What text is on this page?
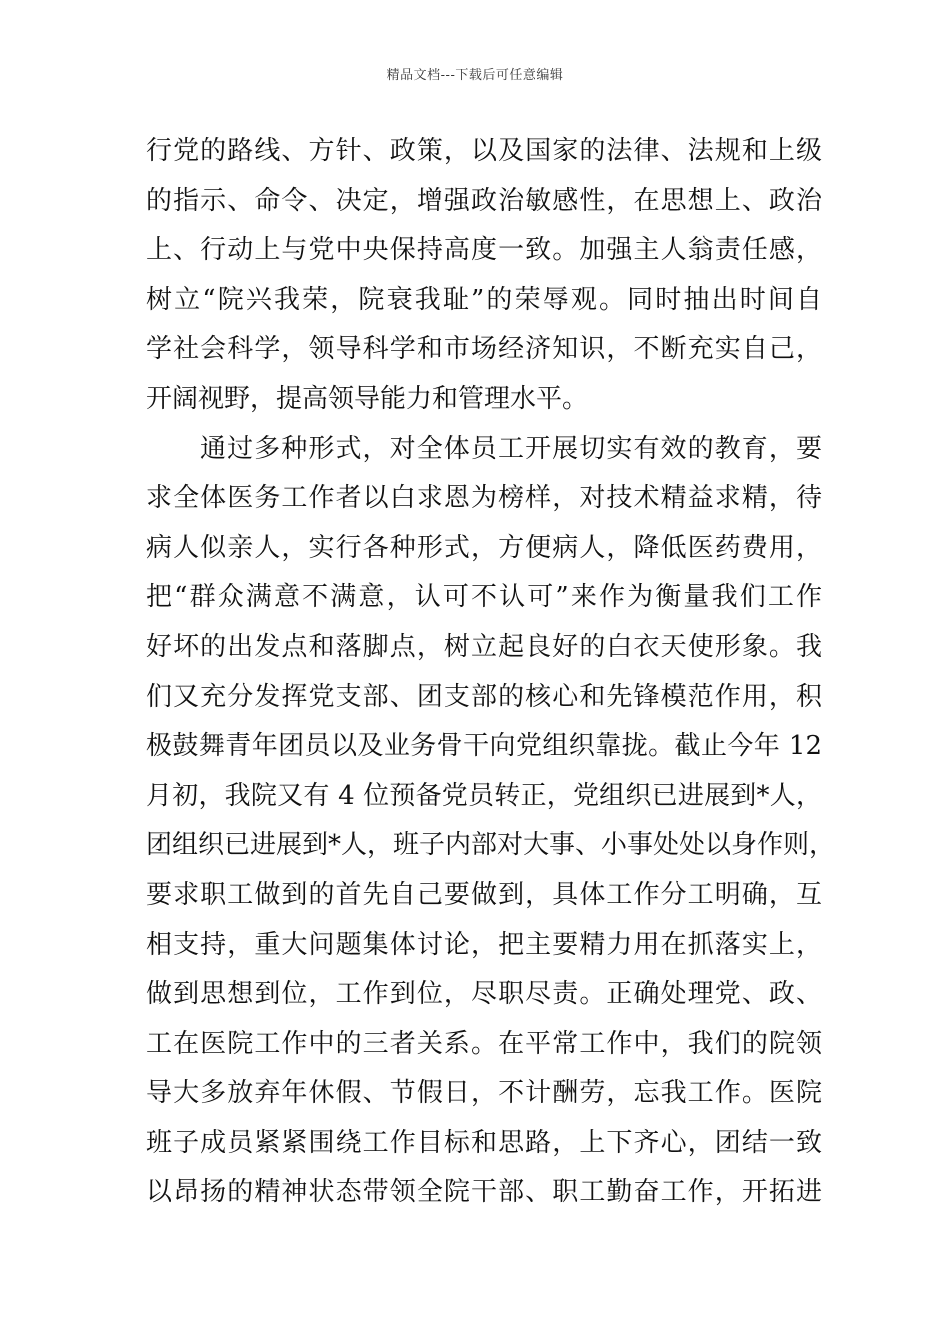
精品文档---下载后可任意编辑
行党的路线、方针、政策，以及国家的法律、法规和上级
的指示、命令、决定，增强政治敏感性，在思想上、政治
上、行动上与党中央保持高度一致。加强主人翁责任感，
树立“院兴我荣，院衰我耻”的荣辱观。同时抽出时间自
学社会科学，领导科学和市场经济知识，不断充实自己，
开阔视野，提高领导能力和管理水平。
通过多种形式，对全体员工开展切实有效的教育，要
求全体医务工作者以白求恩为榜样，对技术精益求精，待
病人似亲人，实行各种形式，方便病人，降低医药费用，
把“群众满意不满意，认可不认可”来作为衡量我们工作
好坏的出发点和落脚点，树立起良好的白衣天使形象。我
们又充分发挥党支部、团支部的核心和先锋模范作用，积
极鼓舞青年团员以及业务骨干向党组织靠拢。截止今年 12
月初，我院又有 4 位预备党员转正，党组织已进展到*人，
团组织已进展到*人，班子内部对大事、小事处处以身作则，
要求职工做到的首先自己要做到，具体工作分工明确，互
相支持，重大问题集体讨论，把主要精力用在抓落实上，
做到思想到位，工作到位，尽职尽责。正确处理党、政、
工在医院工作中的三者关系。在平常工作中，我们的院领
导大多放弃年休假、节假日，不计酬劳，忘我工作。医院
班子成员紧紧围绕工作目标和思路，上下齐心，团结一致
以昂扬的精神状态带领全院干部、职工勤奋工作，开拓进
